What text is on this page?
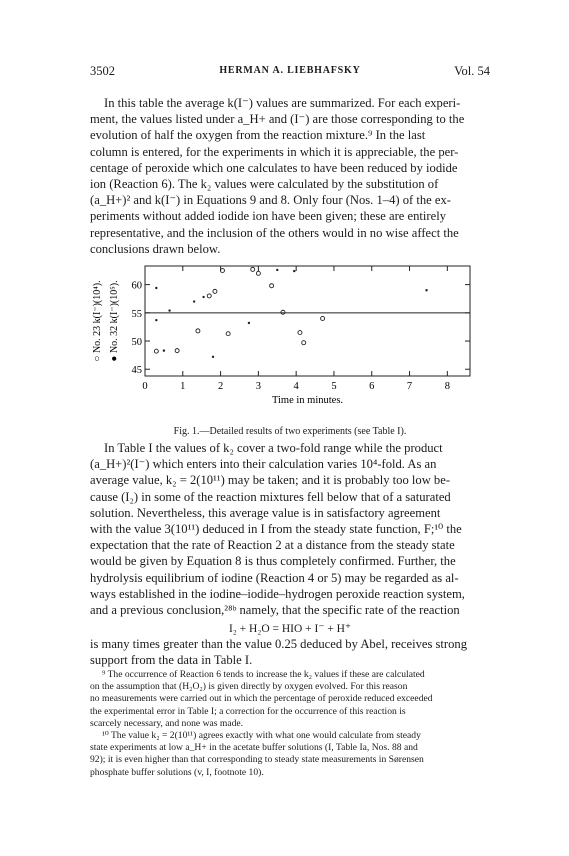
3502	HERMAN A. LIEBHAFSKY	Vol. 54
In this table the average k(I⁻) values are summarized. For each experi-
ment, the values listed under a_H+ and (I⁻) are those corresponding to the
evolution of half the oxygen from the reaction mixture.⁹ In the last
column is entered, for the experiments in which it is appreciable, the per-
centage of peroxide which one calculates to have been reduced by iodide
ion (Reaction 6). The k₂ values were calculated by the substitution of
(a_H+)² and k(I⁻) in Equations 9 and 8. Only four (Nos. 1–4) of the ex-
periments without added iodide ion have been given; these are entirely
representative, and the inclusion of the others would in no wise affect the
conclusions drawn below.
0	1	2	3	4	5	6	7	8
45
50
55
60
○ No. 23 k(I⁻)(10⁴). ● No. 32 k(I⁻)(10⁵).
Time in minutes.
Fig. 1.—Detailed results of two experiments (see Table I).
In Table I the values of k₂ cover a two-fold range while the product
(a_H+)²(I⁻) which enters into their calculation varies 10⁴-fold. As an
average value, k₂ = 2(10¹¹) may be taken; and it is probably too low be-
cause (I₂) in some of the reaction mixtures fell below that of a saturated
solution. Nevertheless, this average value is in satisfactory agreement
with the value 3(10¹¹) deduced in I from the steady state function, F;¹⁰ the
expectation that the rate of Reaction 2 at a distance from the steady state
would be given by Equation 8 is thus completely confirmed. Further, the
hydrolysis equilibrium of iodine (Reaction 4 or 5) may be regarded as al-
ways established in the iodine–iodide–hydrogen peroxide reaction system,
and a previous conclusion,²⁸ᵇ namely, that the specific rate of the reaction
I₂ + H₂O = HIO + I⁻ + H⁺
is many times greater than the value 0.25 deduced by Abel, receives strong
support from the data in Table I.
⁹ The occurrence of Reaction 6 tends to increase the k₂ values if these are calculated
on the assumption that (H₂O₂) is given directly by oxygen evolved. For this reason
no measurements were carried out in which the percentage of peroxide reduced exceeded
the experimental error in Table I; a correction for the occurrence of this reaction is
scarcely necessary, and none was made.
¹⁰ The value k₂ = 2(10¹¹) agrees exactly with what one would calculate from steady
state experiments at low a_H+ in the acetate buffer solutions (I, Table Ia, Nos. 88 and
92); it is even higher than that corresponding to steady state measurements in Sørensen
phosphate buffer solutions (v, I, footnote 10).
